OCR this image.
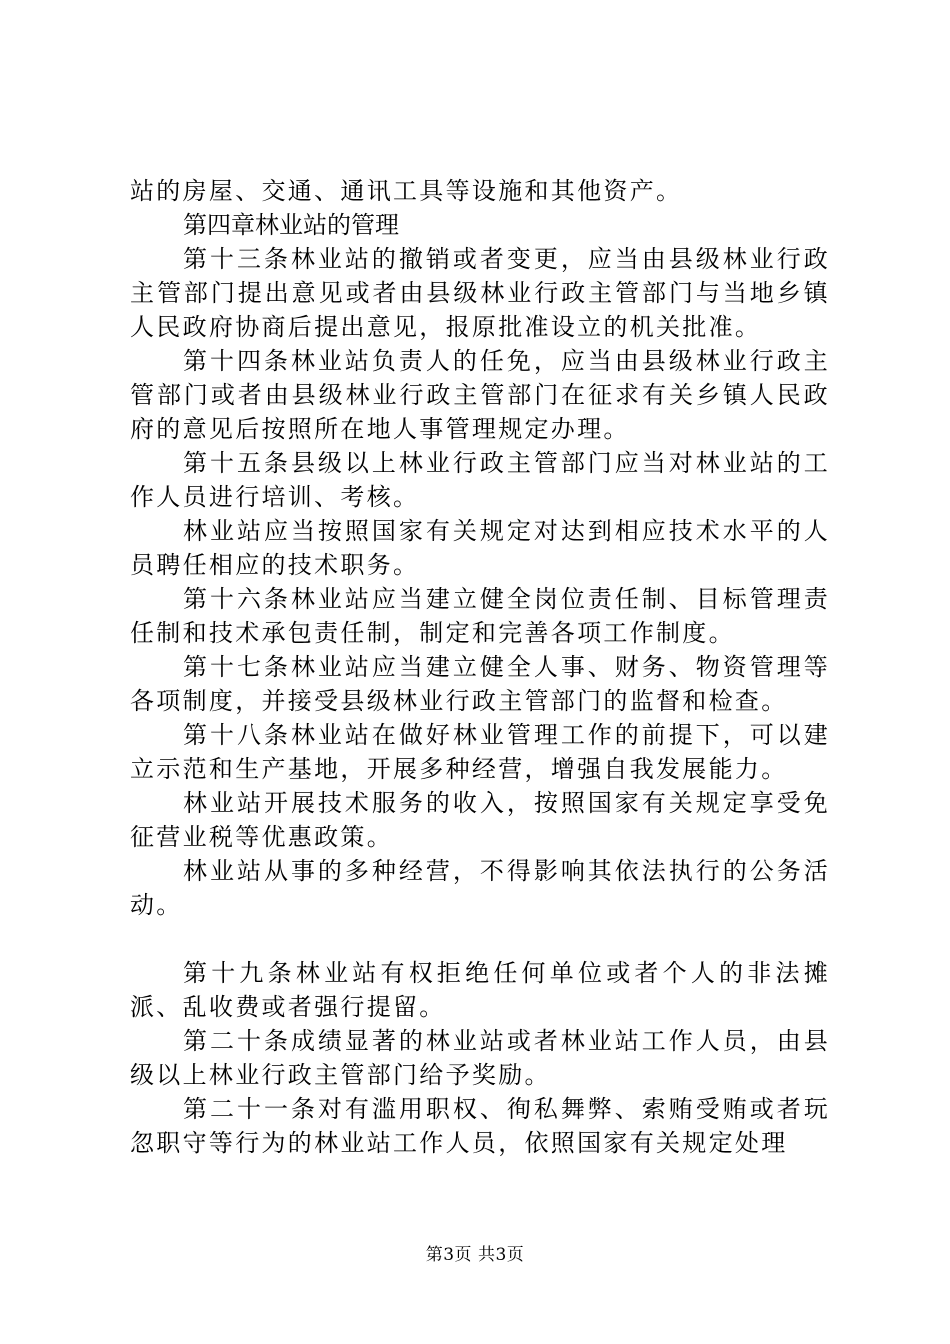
站的房屋、交通、通讯工具等设施和其他资产。

第四章林业站的管理

第十三条林业站的撤销或者变更，应当由县级林业行政主管部门提出意见或者由县级林业行政主管部门与当地乡镇人民政府协商后提出意见，报原批准设立的机关批准。

第十四条林业站负责人的任免，应当由县级林业行政主管部门或者由县级林业行政主管部门在征求有关乡镇人民政府的意见后按照所在地人事管理规定办理。

第十五条县级以上林业行政主管部门应当对林业站的工作人员进行培训、考核。

林业站应当按照国家有关规定对达到相应技术水平的人员聘任相应的技术职务。

第十六条林业站应当建立健全岗位责任制、目标管理责任制和技术承包责任制，制定和完善各项工作制度。

第十七条林业站应当建立健全人事、财务、物资管理等各项制度，并接受县级林业行政主管部门的监督和检查。

第十八条林业站在做好林业管理工作的前提下，可以建立示范和生产基地，开展多种经营，增强自我发展能力。

林业站开展技术服务的收入，按照国家有关规定享受免征营业税等优惠政策。

林业站从事的多种经营，不得影响其依法执行的公务活动。

第十九条林业站有权拒绝任何单位或者个人的非法摊派、乱收费或者强行提留。

第二十条成绩显著的林业站或者林业站工作人员，由县级以上林业行政主管部门给予奖励。

第二十一条对有滥用职权、徇私舞弊、索贿受贿或者玩忽职守等行为的林业站工作人员，依照国家有关规定处理

第3页 共3页
